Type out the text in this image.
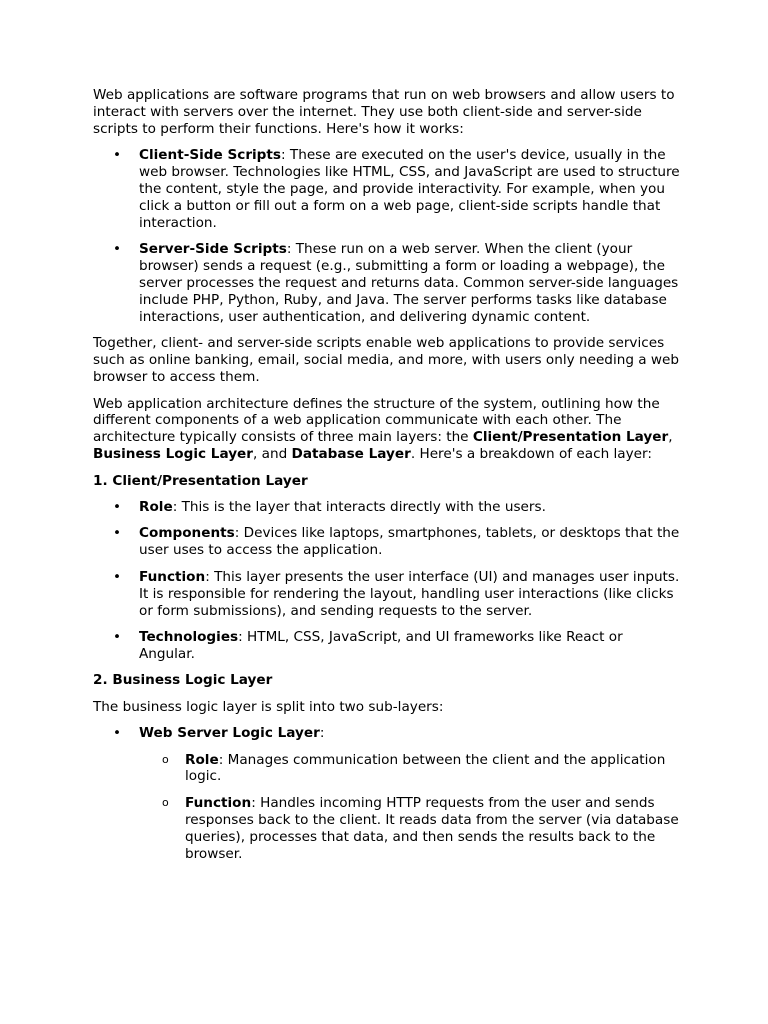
Web applications are software programs that run on web browsers and allow users to interact with servers over the internet. They use both client-side and server-side scripts to perform their functions. Here's how it works:

• Client-Side Scripts: These are executed on the user's device, usually in the web browser. Technologies like HTML, CSS, and JavaScript are used to structure the content, style the page, and provide interactivity. For example, when you click a button or fill out a form on a web page, client-side scripts handle that interaction.
• Server-Side Scripts: These run on a web server. When the client (your browser) sends a request (e.g., submitting a form or loading a webpage), the server processes the request and returns data. Common server-side languages include PHP, Python, Ruby, and Java. The server performs tasks like database interactions, user authentication, and delivering dynamic content.

Together, client- and server-side scripts enable web applications to provide services such as online banking, email, social media, and more, with users only needing a web browser to access them.

Web application architecture defines the structure of the system, outlining how the different components of a web application communicate with each other. The architecture typically consists of three main layers: the Client/Presentation Layer, Business Logic Layer, and Database Layer. Here's a breakdown of each layer:

1. Client/Presentation Layer

• Role: This is the layer that interacts directly with the users.
• Components: Devices like laptops, smartphones, tablets, or desktops that the user uses to access the application.
• Function: This layer presents the user interface (UI) and manages user inputs. It is responsible for rendering the layout, handling user interactions (like clicks or form submissions), and sending requests to the server.
• Technologies: HTML, CSS, JavaScript, and UI frameworks like React or Angular.

2. Business Logic Layer

The business logic layer is split into two sub-layers:

• Web Server Logic Layer:
o Role: Manages communication between the client and the application logic.
o Function: Handles incoming HTTP requests from the user and sends responses back to the client. It reads data from the server (via database queries), processes that data, and then sends the results back to the browser.
